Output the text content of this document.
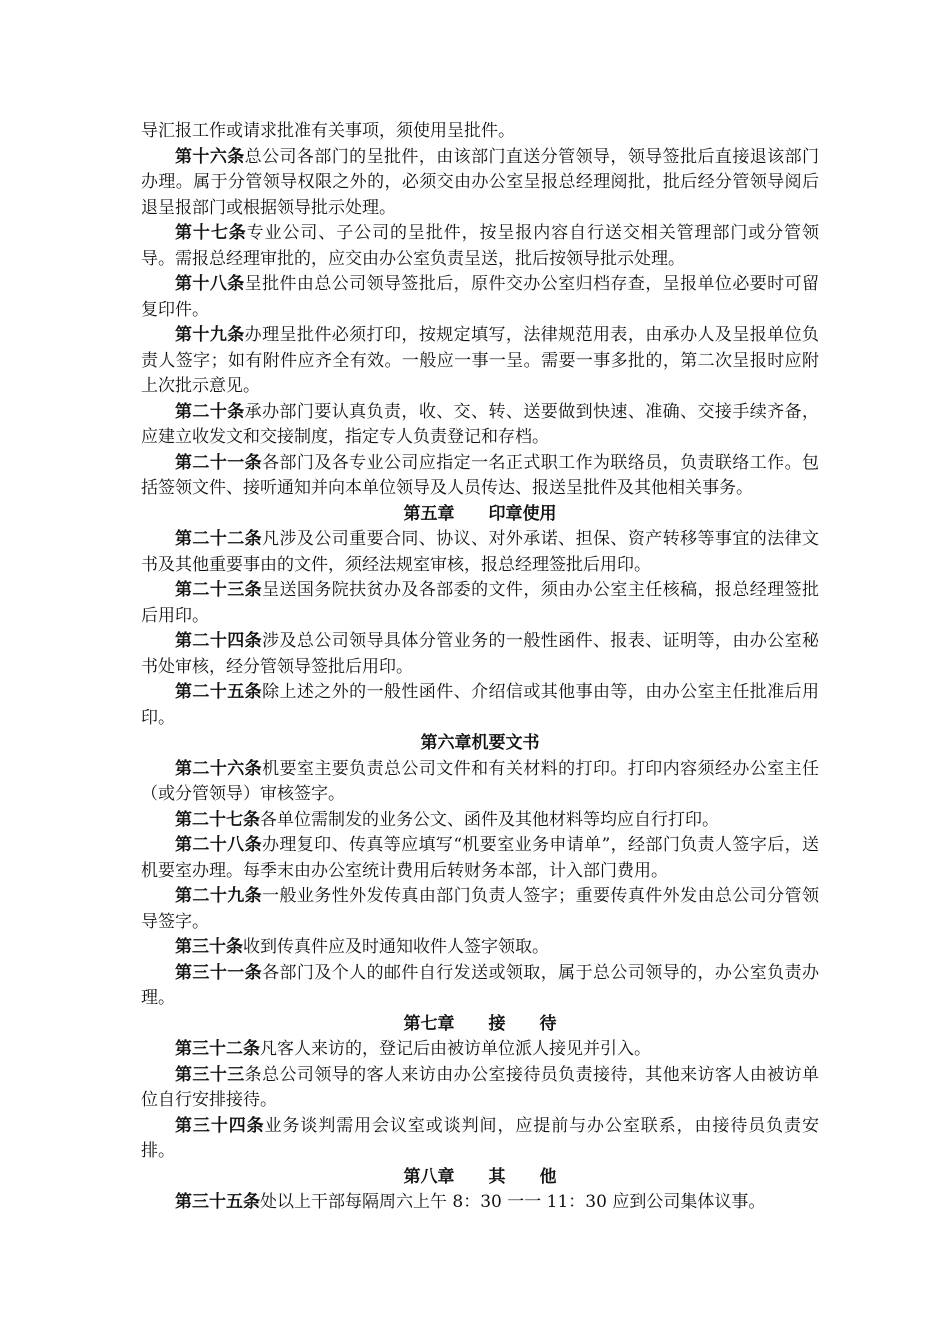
导汇报工作或请求批准有关事项，须使用呈批件。

第十六条总公司各部门的呈批件，由该部门直送分管领导，领导签批后直接退该部门办理。属于分管领导权限之外的，必须交由办公室呈报总经理阅批，批后经分管领导阅后退呈报部门或根据领导批示处理。

第十七条专业公司、子公司的呈批件，按呈报内容自行送交相关管理部门或分管领导。需报总经理审批的，应交由办公室负责呈送，批后按领导批示处理。

第十八条呈批件由总公司领导签批后，原件交办公室归档存查，呈报单位必要时可留复印件。

第十九条办理呈批件必须打印，按规定填写，法律规范用表，由承办人及呈报单位负责人签字；如有附件应齐全有效。一般应一事一呈。需要一事多批的，第二次呈报时应附上次批示意见。

第二十条承办部门要认真负责，收、交、转、送要做到快速、准确、交接手续齐备，应建立收发文和交接制度，指定专人负责登记和存档。

第二十一条各部门及各专业公司应指定一名正式职工作为联络员，负责联络工作。包括签领文件、接听通知并向本单位领导及人员传达、报送呈批件及其他相关事务。

第五章　　印章使用

第二十二条凡涉及公司重要合同、协议、对外承诺、担保、资产转移等事宜的法律文书及其他重要事由的文件，须经法规室审核，报总经理签批后用印。

第二十三条呈送国务院扶贫办及各部委的文件，须由办公室主任核稿，报总经理签批后用印。

第二十四条涉及总公司领导具体分管业务的一般性函件、报表、证明等，由办公室秘书处审核，经分管领导签批后用印。

第二十五条除上述之外的一般性函件、介绍信或其他事由等，由办公室主任批准后用印。

第六章机要文书

第二十六条机要室主要负责总公司文件和有关材料的打印。打印内容须经办公室主任（或分管领导）审核签字。

第二十七条各单位需制发的业务公文、函件及其他材料等均应自行打印。

第二十八条办理复印、传真等应填写“机要室业务申请单”，经部门负责人签字后，送机要室办理。每季末由办公室统计费用后转财务本部，计入部门费用。

第二十九条一般业务性外发传真由部门负责人签字；重要传真件外发由总公司分管领导签字。

第三十条收到传真件应及时通知收件人签字领取。

第三十一条各部门及个人的邮件自行发送或领取，属于总公司领导的，办公室负责办理。

第七章　　接　　待

第三十二条凡客人来访的，登记后由被访单位派人接见并引入。

第三十三条总公司领导的客人来访由办公室接待员负责接待，其他来访客人由被访单位自行安排接待。

第三十四条业务谈判需用会议室或谈判间，应提前与办公室联系，由接待员负责安排。

第八章　　其　　他

第三十五条处以上干部每隔周六上午 8：30 一一 11：30 应到公司集体议事。
